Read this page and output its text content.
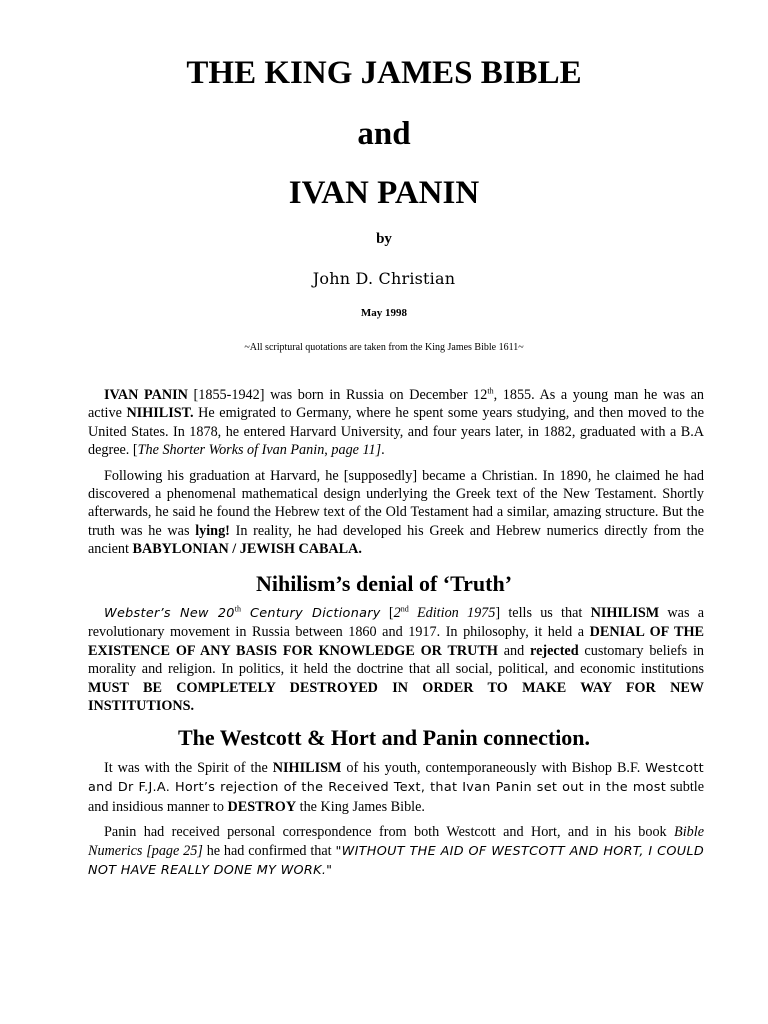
THE KING JAMES BIBLE
and
IVAN PANIN
by
John D. Christian
May 1998
~All scriptural quotations are taken from the King James Bible 1611~

IVAN PANIN [1855-1942] was born in Russia on December 12th, 1855. As a young man he was an active NIHILIST. He emigrated to Germany, where he spent some years studying, and then moved to the United States. In 1878, he entered Harvard University, and four years later, in 1882, graduated with a B.A degree. [The Shorter Works of Ivan Panin, page 11].

Following his graduation at Harvard, he [supposedly] became a Christian. In 1890, he claimed he had discovered a phenomenal mathematical design underlying the Greek text of the New Testament. Shortly afterwards, he said he found the Hebrew text of the Old Testament had a similar, amazing structure. But the truth was he was lying! In reality, he had developed his Greek and Hebrew numerics directly from the ancient BABYLONIAN / JEWISH CABALA.

Nihilism’s denial of ‘Truth’

Webster’s New 20th Century Dictionary [2nd Edition 1975] tells us that NIHILISM was a revolutionary movement in Russia between 1860 and 1917. In philosophy, it held a DENIAL OF THE EXISTENCE OF ANY BASIS FOR KNOWLEDGE OR TRUTH and rejected customary beliefs in morality and religion. In politics, it held the doctrine that all social, political, and economic institutions MUST BE COMPLETELY DESTROYED IN ORDER TO MAKE WAY FOR NEW INSTITUTIONS.

The Westcott & Hort and Panin connection.

It was with the Spirit of the NIHILISM of his youth, contemporaneously with Bishop B.F. Westcott and Dr F.J.A. Hort’s rejection of the Received Text, that Ivan Panin set out in the most subtle and insidious manner to DESTROY the King James Bible.

Panin had received personal correspondence from both Westcott and Hort, and in his book Bible Numerics [page 25] he had confirmed that "WITHOUT THE AID OF WESTCOTT AND HORT, I COULD NOT HAVE REALLY DONE MY WORK."
